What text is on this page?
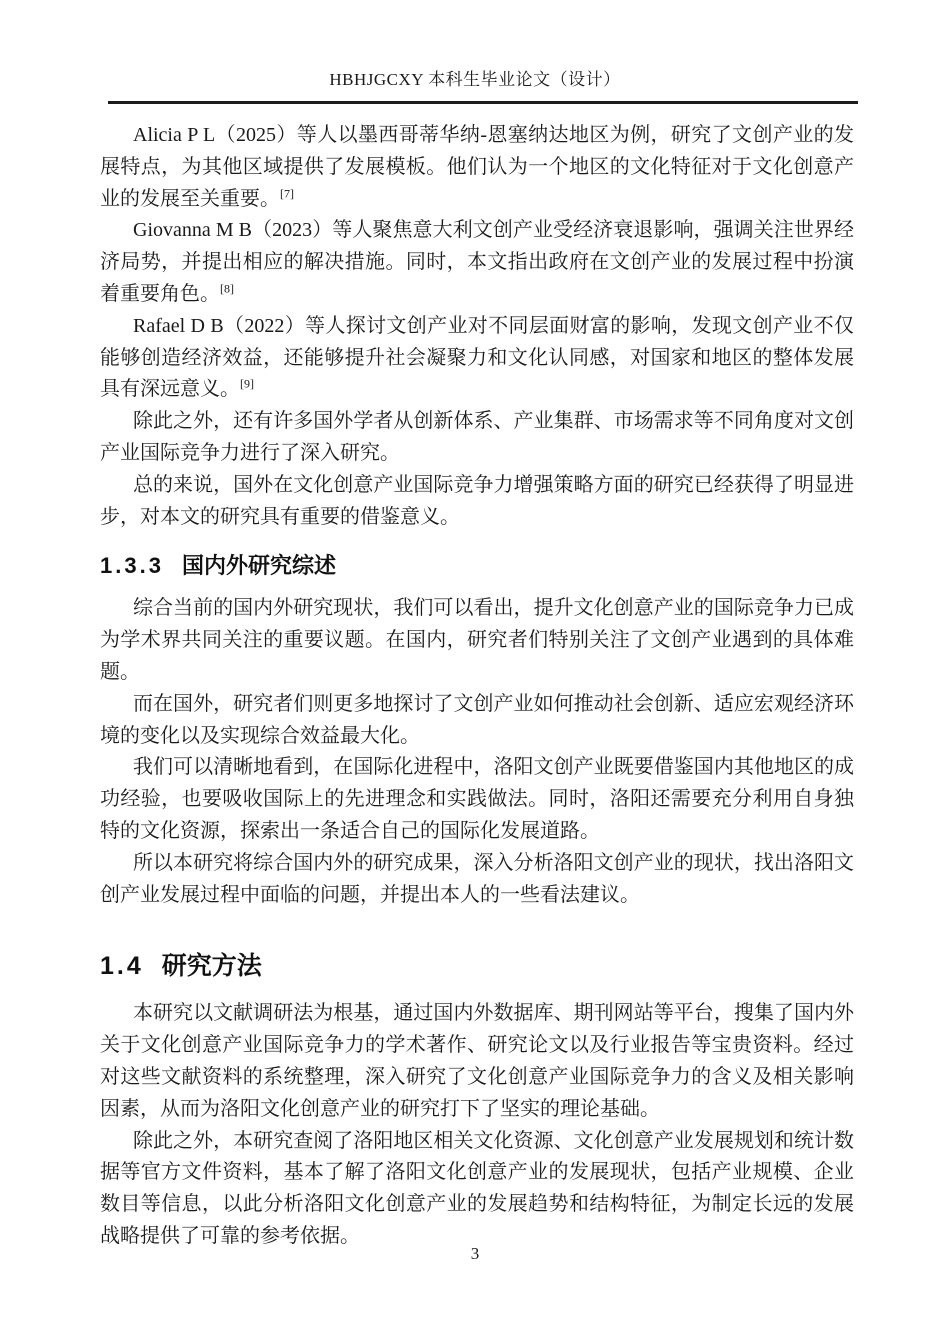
HBHJGCXY 本科生毕业论文（设计）

Alicia P L（2025）等人以墨西哥蒂华纳-恩塞纳达地区为例，研究了文创产业的发展特点，为其他区域提供了发展模板。他们认为一个地区的文化特征对于文化创意产业的发展至关重要。[7]

Giovanna M B（2023）等人聚焦意大利文创产业受经济衰退影响，强调关注世界经济局势，并提出相应的解决措施。同时，本文指出政府在文创产业的发展过程中扮演着重要角色。[8]

Rafael D B（2022）等人探讨文创产业对不同层面财富的影响，发现文创产业不仅能够创造经济效益，还能够提升社会凝聚力和文化认同感，对国家和地区的整体发展具有深远意义。[9]

除此之外，还有许多国外学者从创新体系、产业集群、市场需求等不同角度对文创产业国际竞争力进行了深入研究。

总的来说，国外在文化创意产业国际竞争力增强策略方面的研究已经获得了明显进步，对本文的研究具有重要的借鉴意义。

1.3.3 国内外研究综述

综合当前的国内外研究现状，我们可以看出，提升文化创意产业的国际竞争力已成为学术界共同关注的重要议题。在国内，研究者们特别关注了文创产业遇到的具体难题。

而在国外，研究者们则更多地探讨了文创产业如何推动社会创新、适应宏观经济环境的变化以及实现综合效益最大化。

我们可以清晰地看到，在国际化进程中，洛阳文创产业既要借鉴国内其他地区的成功经验，也要吸收国际上的先进理念和实践做法。同时，洛阳还需要充分利用自身独特的文化资源，探索出一条适合自己的国际化发展道路。

所以本研究将综合国内外的研究成果，深入分析洛阳文创产业的现状，找出洛阳文创产业发展过程中面临的问题，并提出本人的一些看法建议。

1.4 研究方法

本研究以文献调研法为根基，通过国内外数据库、期刊网站等平台，搜集了国内外关于文化创意产业国际竞争力的学术著作、研究论文以及行业报告等宝贵资料。经过对这些文献资料的系统整理，深入研究了文化创意产业国际竞争力的含义及相关影响因素，从而为洛阳文化创意产业的研究打下了坚实的理论基础。

除此之外，本研究查阅了洛阳地区相关文化资源、文化创意产业发展规划和统计数据等官方文件资料，基本了解了洛阳文化创意产业的发展现状，包括产业规模、企业数目等信息，以此分析洛阳文化创意产业的发展趋势和结构特征，为制定长远的发展战略提供了可靠的参考依据。

3
